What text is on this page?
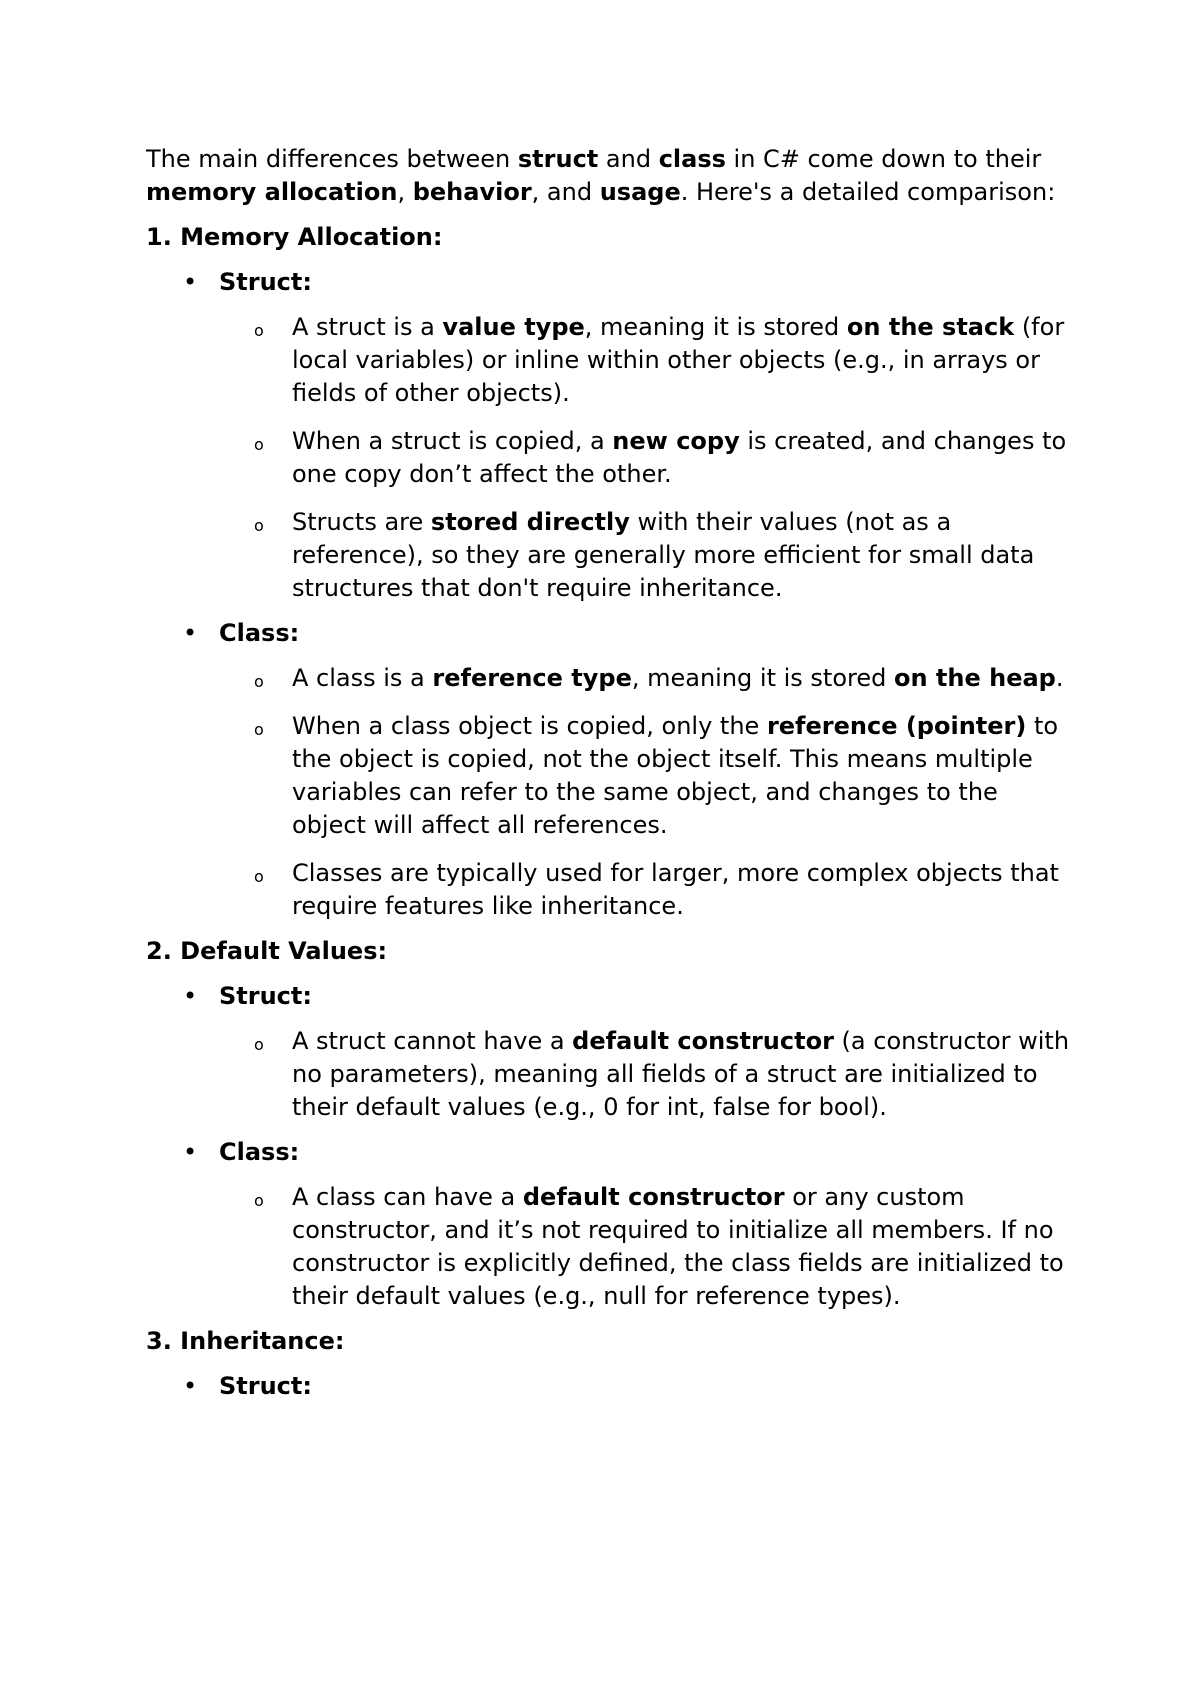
The main differences between struct and class in C# come down to their memory allocation, behavior, and usage. Here's a detailed comparison:

1. Memory Allocation:

• Struct:

o A struct is a value type, meaning it is stored on the stack (for local variables) or inline within other objects (e.g., in arrays or fields of other objects).
o When a struct is copied, a new copy is created, and changes to one copy don’t affect the other.
o Structs are stored directly with their values (not as a reference), so they are generally more efficient for small data structures that don't require inheritance.
• Class:

o A class is a reference type, meaning it is stored on the heap.
o When a class object is copied, only the reference (pointer) to the object is copied, not the object itself. This means multiple variables can refer to the same object, and changes to the object will affect all references.
o Classes are typically used for larger, more complex objects that require features like inheritance.

2. Default Values:

• Struct:

o A struct cannot have a default constructor (a constructor with no parameters), meaning all fields of a struct are initialized to their default values (e.g., 0 for int, false for bool).
• Class:

o A class can have a default constructor or any custom constructor, and it’s not required to initialize all members. If no constructor is explicitly defined, the class fields are initialized to their default values (e.g., null for reference types).

3. Inheritance:

• Struct:
